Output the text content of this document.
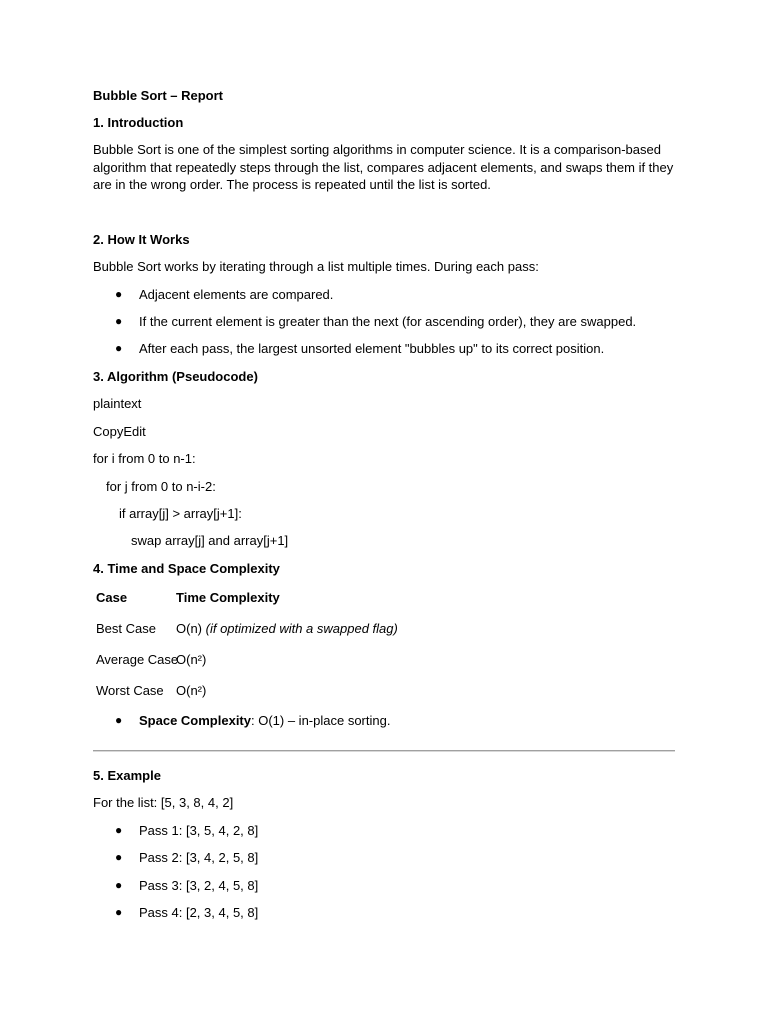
Bubble Sort – Report
1. Introduction
Bubble Sort is one of the simplest sorting algorithms in computer science. It is a comparison-based algorithm that repeatedly steps through the list, compares adjacent elements, and swaps them if they are in the wrong order. The process is repeated until the list is sorted.
2. How It Works
Bubble Sort works by iterating through a list multiple times. During each pass:
● Adjacent elements are compared.
● If the current element is greater than the next (for ascending order), they are swapped.
● After each pass, the largest unsorted element "bubbles up" to its correct position.
3. Algorithm (Pseudocode)
plaintext
CopyEdit
for i from 0 to n-1:
for j from 0 to n-i-2:
if array[j] > array[j+1]:
swap array[j] and array[j+1]
4. Time and Space Complexity
Case	Time Complexity
Best Case O(n) (if optimized with a swapped flag)
Average Case
O(n²)
Worst Case O(n²)
● Space Complexity: O(1) – in-place sorting.
5. Example
For the list: [5, 3, 8, 4, 2]
● Pass 1: [3, 5, 4, 2, 8]
● Pass 2: [3, 4, 2, 5, 8]
● Pass 3: [3, 2, 4, 5, 8]
● Pass 4: [2, 3, 4, 5, 8]
